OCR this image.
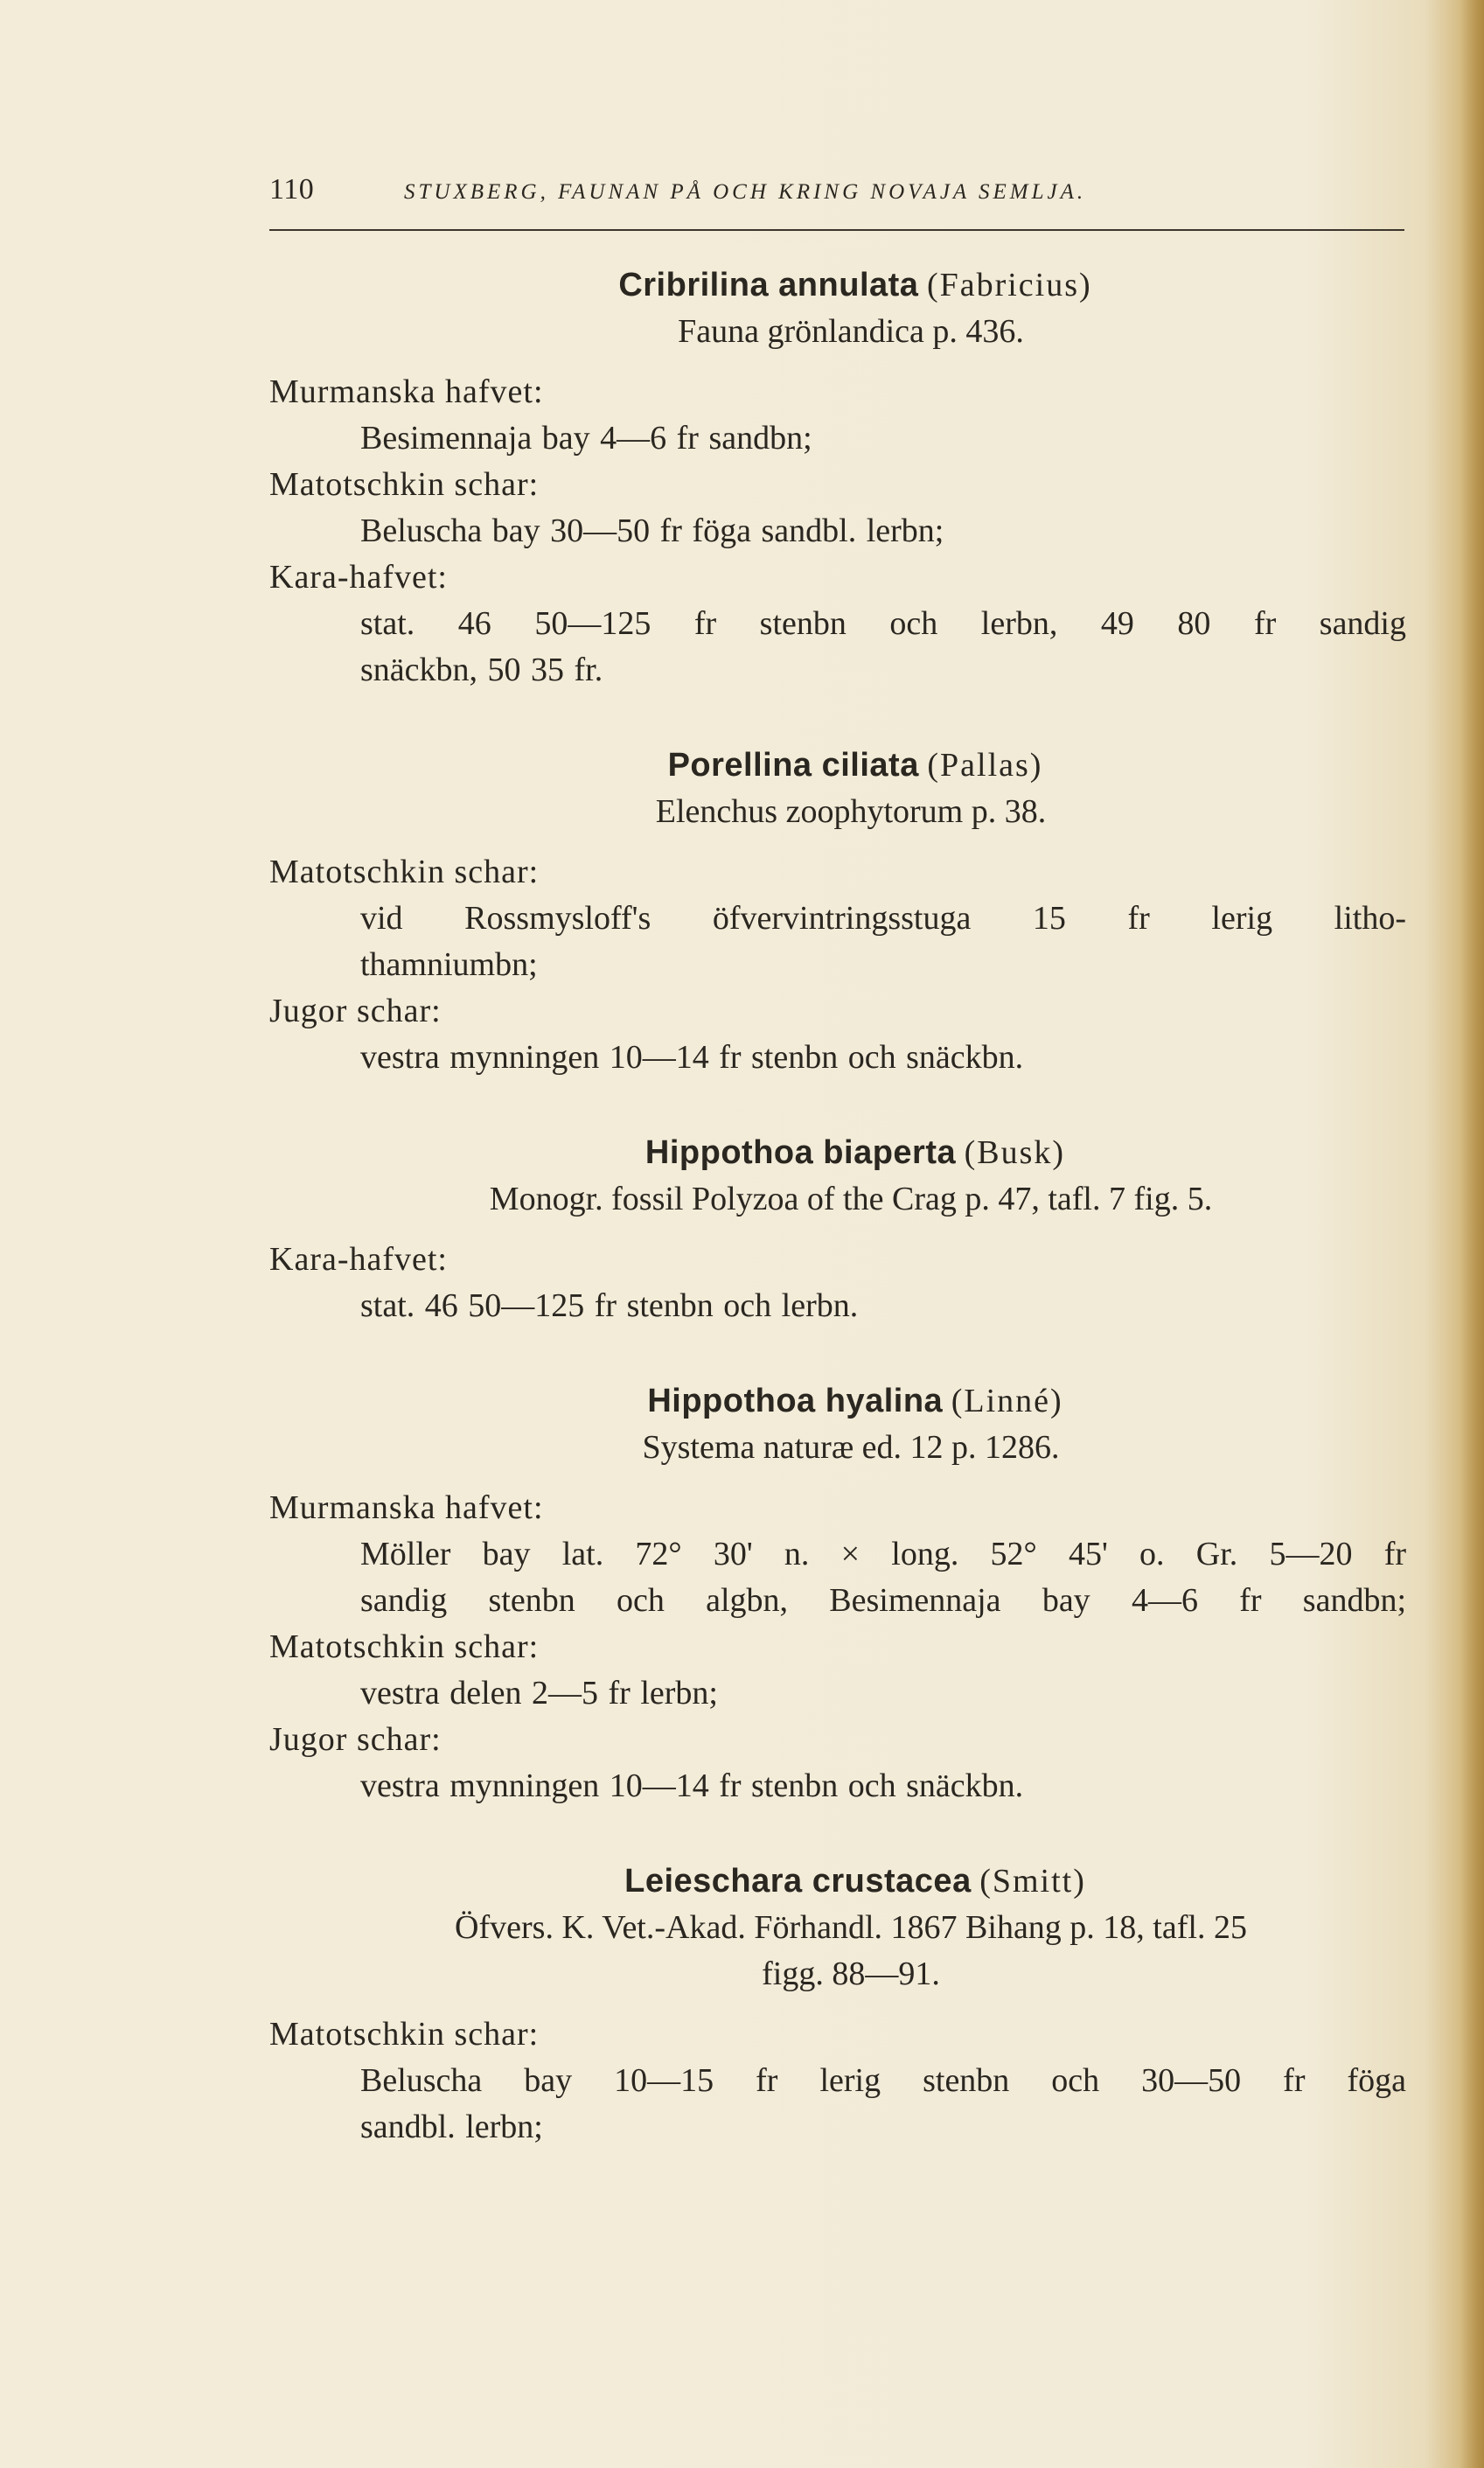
110	STUXBERG, FAUNAN PÅ OCH KRING NOVAJA SEMLJA.
Cribrilina annulata (Fabricius)
Fauna grönlandica p. 436.

Murmanska hafvet:

Besimennaja bay 4—6 fr sandbn;

Matotschkin schar:

Beluscha bay 30—50 fr föga sandbl. lerbn;

Kara-hafvet:

stat. 46 50—125 fr stenbn och lerbn, 49 80 fr sandig
snäckbn, 50 35 fr.

Porellina ciliata (Pallas)
Elenchus zoophytorum p. 38.

Matotschkin schar:

vid Rossmysloff's öfvervintringsstuga 15 fr lerig litho-
thamniumbn;

Jugor schar:

vestra mynningen 10—14 fr stenbn och snäckbn.

Hippothoa biaperta (Busk)
Monogr. fossil Polyzoa of the Crag p. 47, tafl. 7 fig. 5.

Kara-hafvet:

stat. 46 50—125 fr stenbn och lerbn.

Hippothoa hyalina (Linné)
Systema naturæ ed. 12 p. 1286.

Murmanska hafvet:

Möller bay lat. 72° 30' n. × long. 52° 45' o. Gr. 5—20 fr
sandig stenbn och algbn, Besimennaja bay 4—6 fr sandbn;

Matotschkin schar:

vestra delen 2—5 fr lerbn;

Jugor schar:

vestra mynningen 10—14 fr stenbn och snäckbn.

Leieschara crustacea (Smitt)
Öfvers. K. Vet.-Akad. Förhandl. 1867 Bihang p. 18, tafl. 25
figg. 88—91.

Matotschkin schar:

Beluscha bay 10—15 fr lerig stenbn och 30—50 fr föga
sandbl. lerbn;
